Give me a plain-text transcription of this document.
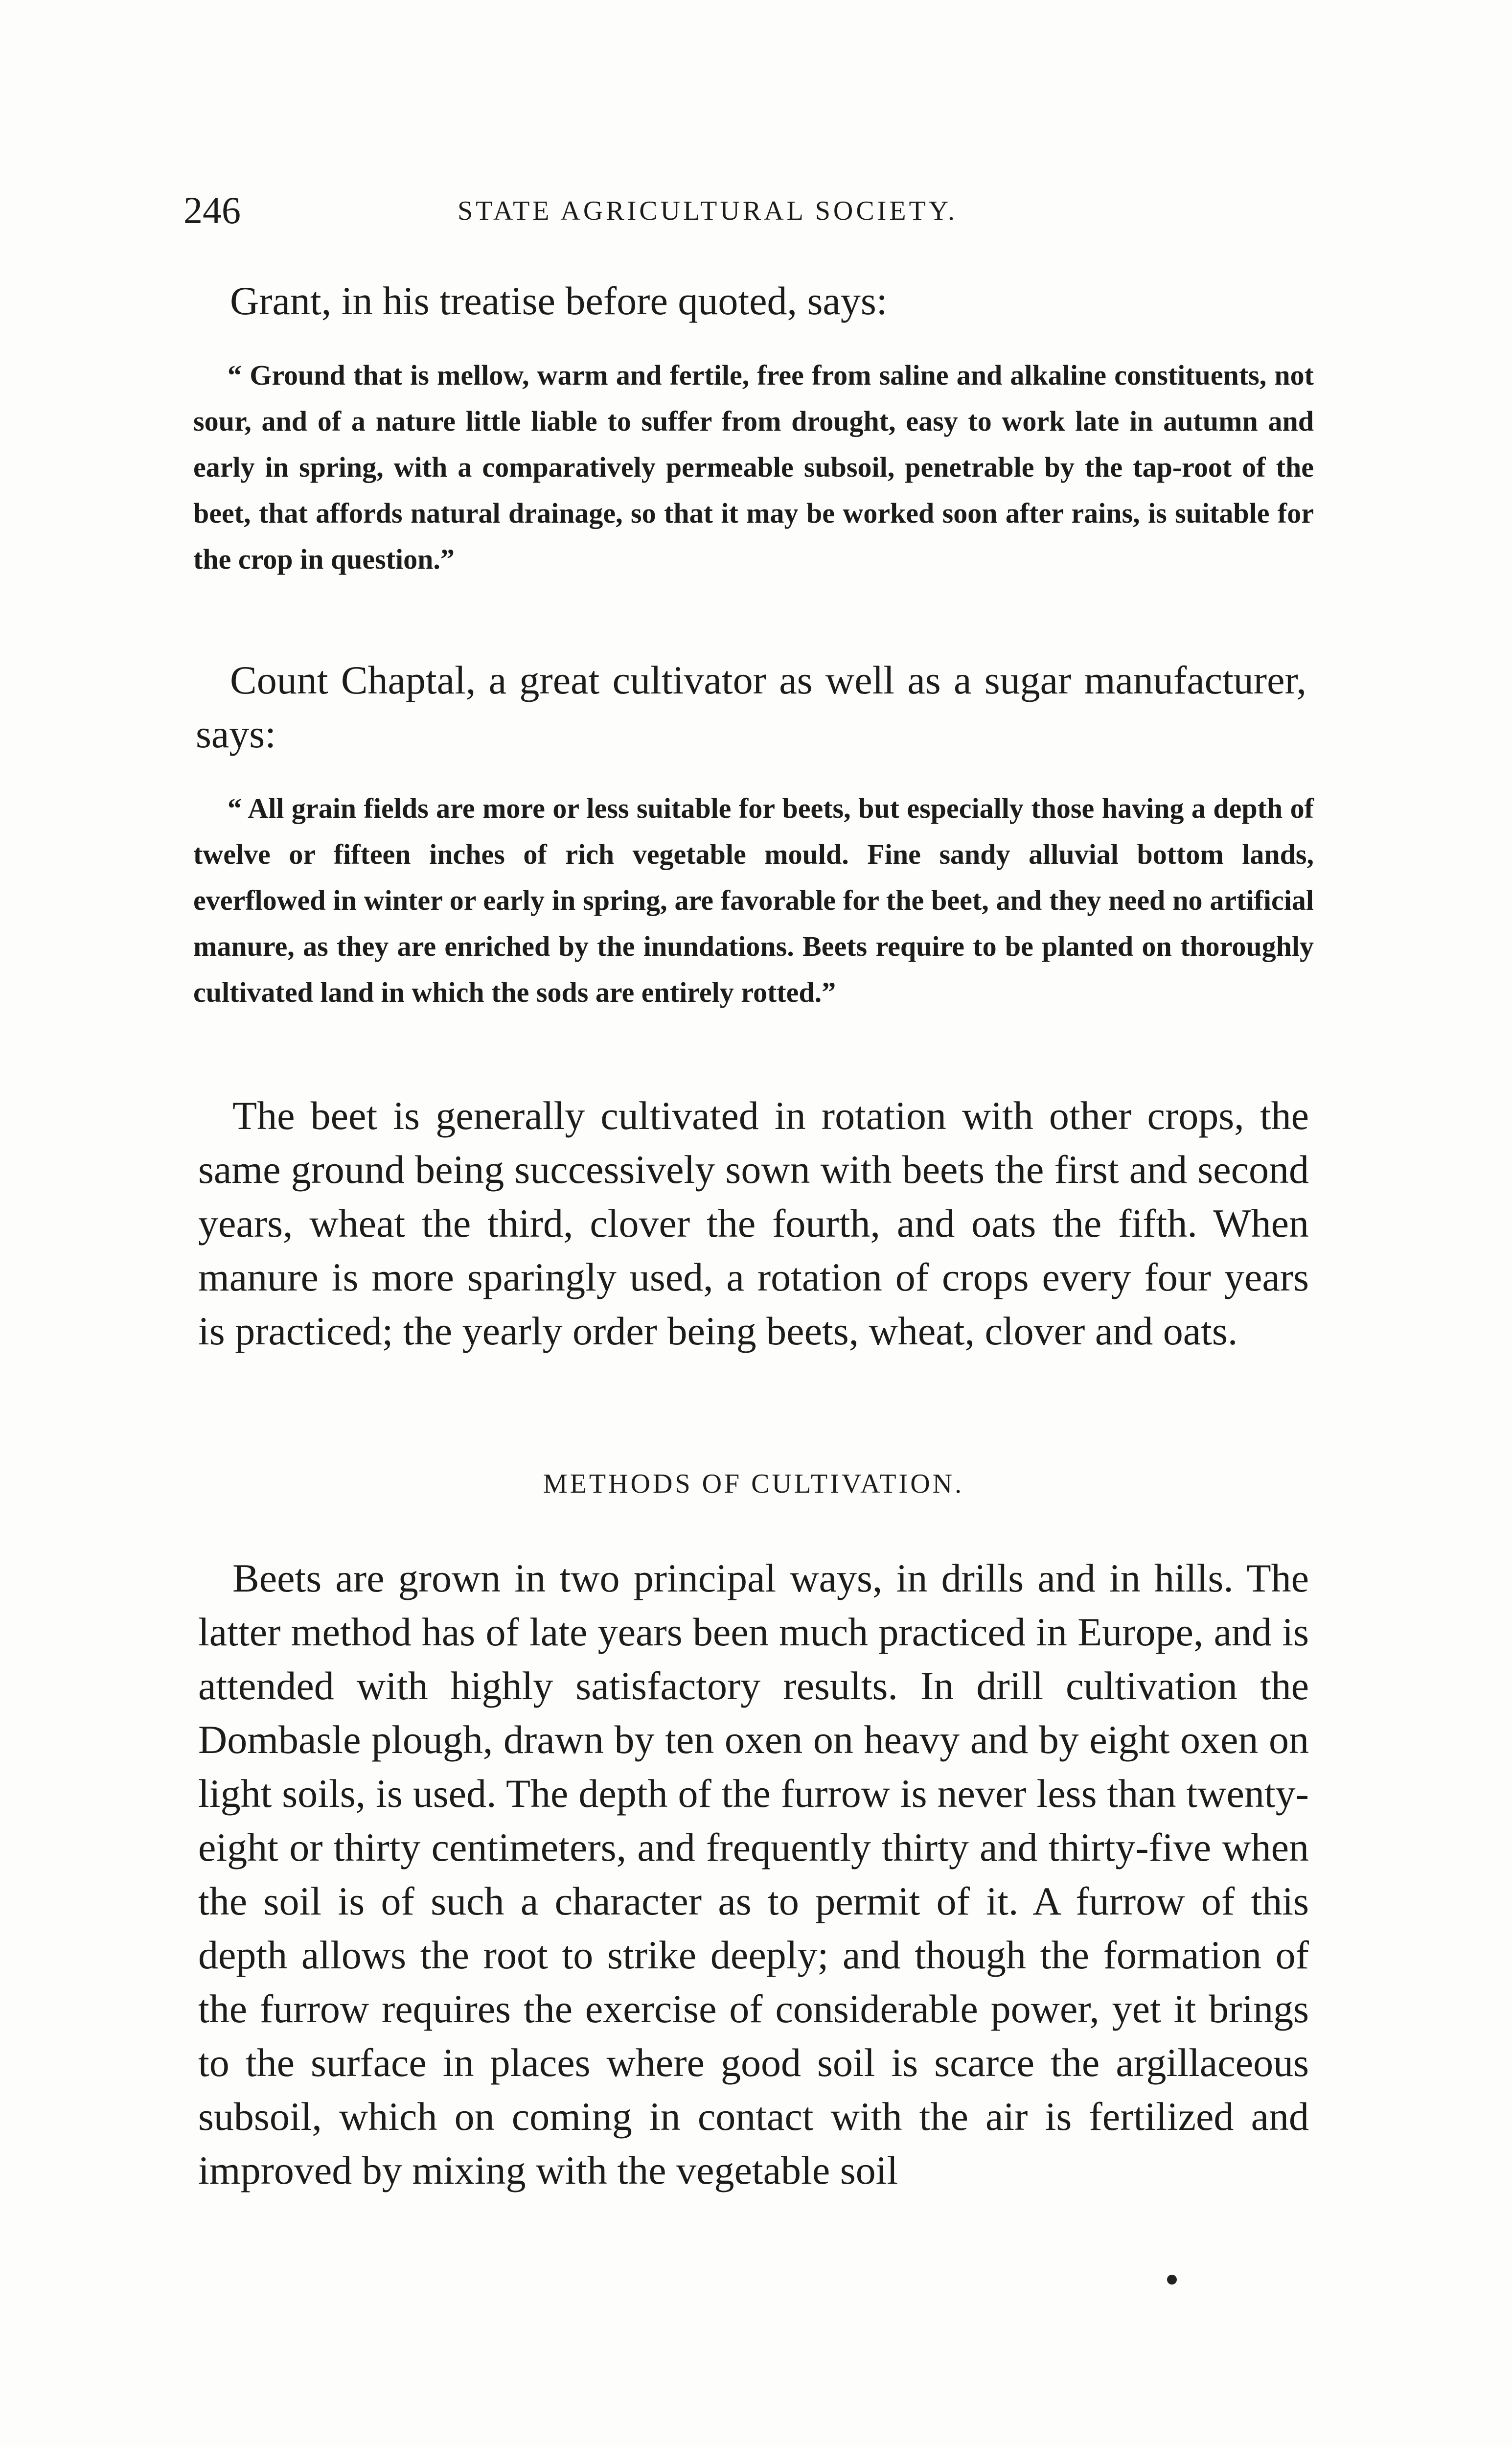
246	STATE AGRICULTURAL SOCIETY.

Grant, in his treatise before quoted, says:

“ Ground that is mellow, warm and fertile, free from saline and alkaline constituents, not sour, and of a nature little liable to suffer from drought, easy to work late in autumn and early in spring, with a comparatively permeable subsoil, penetrable by the tap-root of the beet, that affords natural drainage, so that it may be worked soon after rains, is suitable for the crop in question.”

Count Chaptal, a great cultivator as well as a sugar manufacturer, says:

“ All grain fields are more or less suitable for beets, but especially those having a depth of twelve or fifteen inches of rich vegetable mould. Fine sandy alluvial bottom lands, everflowed in winter or early in spring, are favorable for the beet, and they need no artificial manure, as they are enriched by the inundations. Beets require to be planted on thoroughly cultivated land in which the sods are entirely rotted.”

The beet is generally cultivated in rotation with other crops, the same ground being successively sown with beets the first and second years, wheat the third, clover the fourth, and oats the fifth. When manure is more sparingly used, a rotation of crops every four years is practiced; the yearly order being beets, wheat, clover and oats.

METHODS OF CULTIVATION.

Beets are grown in two principal ways, in drills and in hills. The latter method has of late years been much practiced in Europe, and is attended with highly satisfactory results. In drill cultivation the Dombasle plough, drawn by ten oxen on heavy and by eight oxen on light soils, is used. The depth of the furrow is never less than twenty-eight or thirty centimeters, and frequently thirty and thirty-five when the soil is of such a character as to permit of it. A furrow of this depth allows the root to strike deeply; and though the formation of the furrow requires the exercise of considerable power, yet it brings to the surface in places where good soil is scarce the argillaceous subsoil, which on coming in contact with the air is fertilized and improved by mixing with the vegetable soil
